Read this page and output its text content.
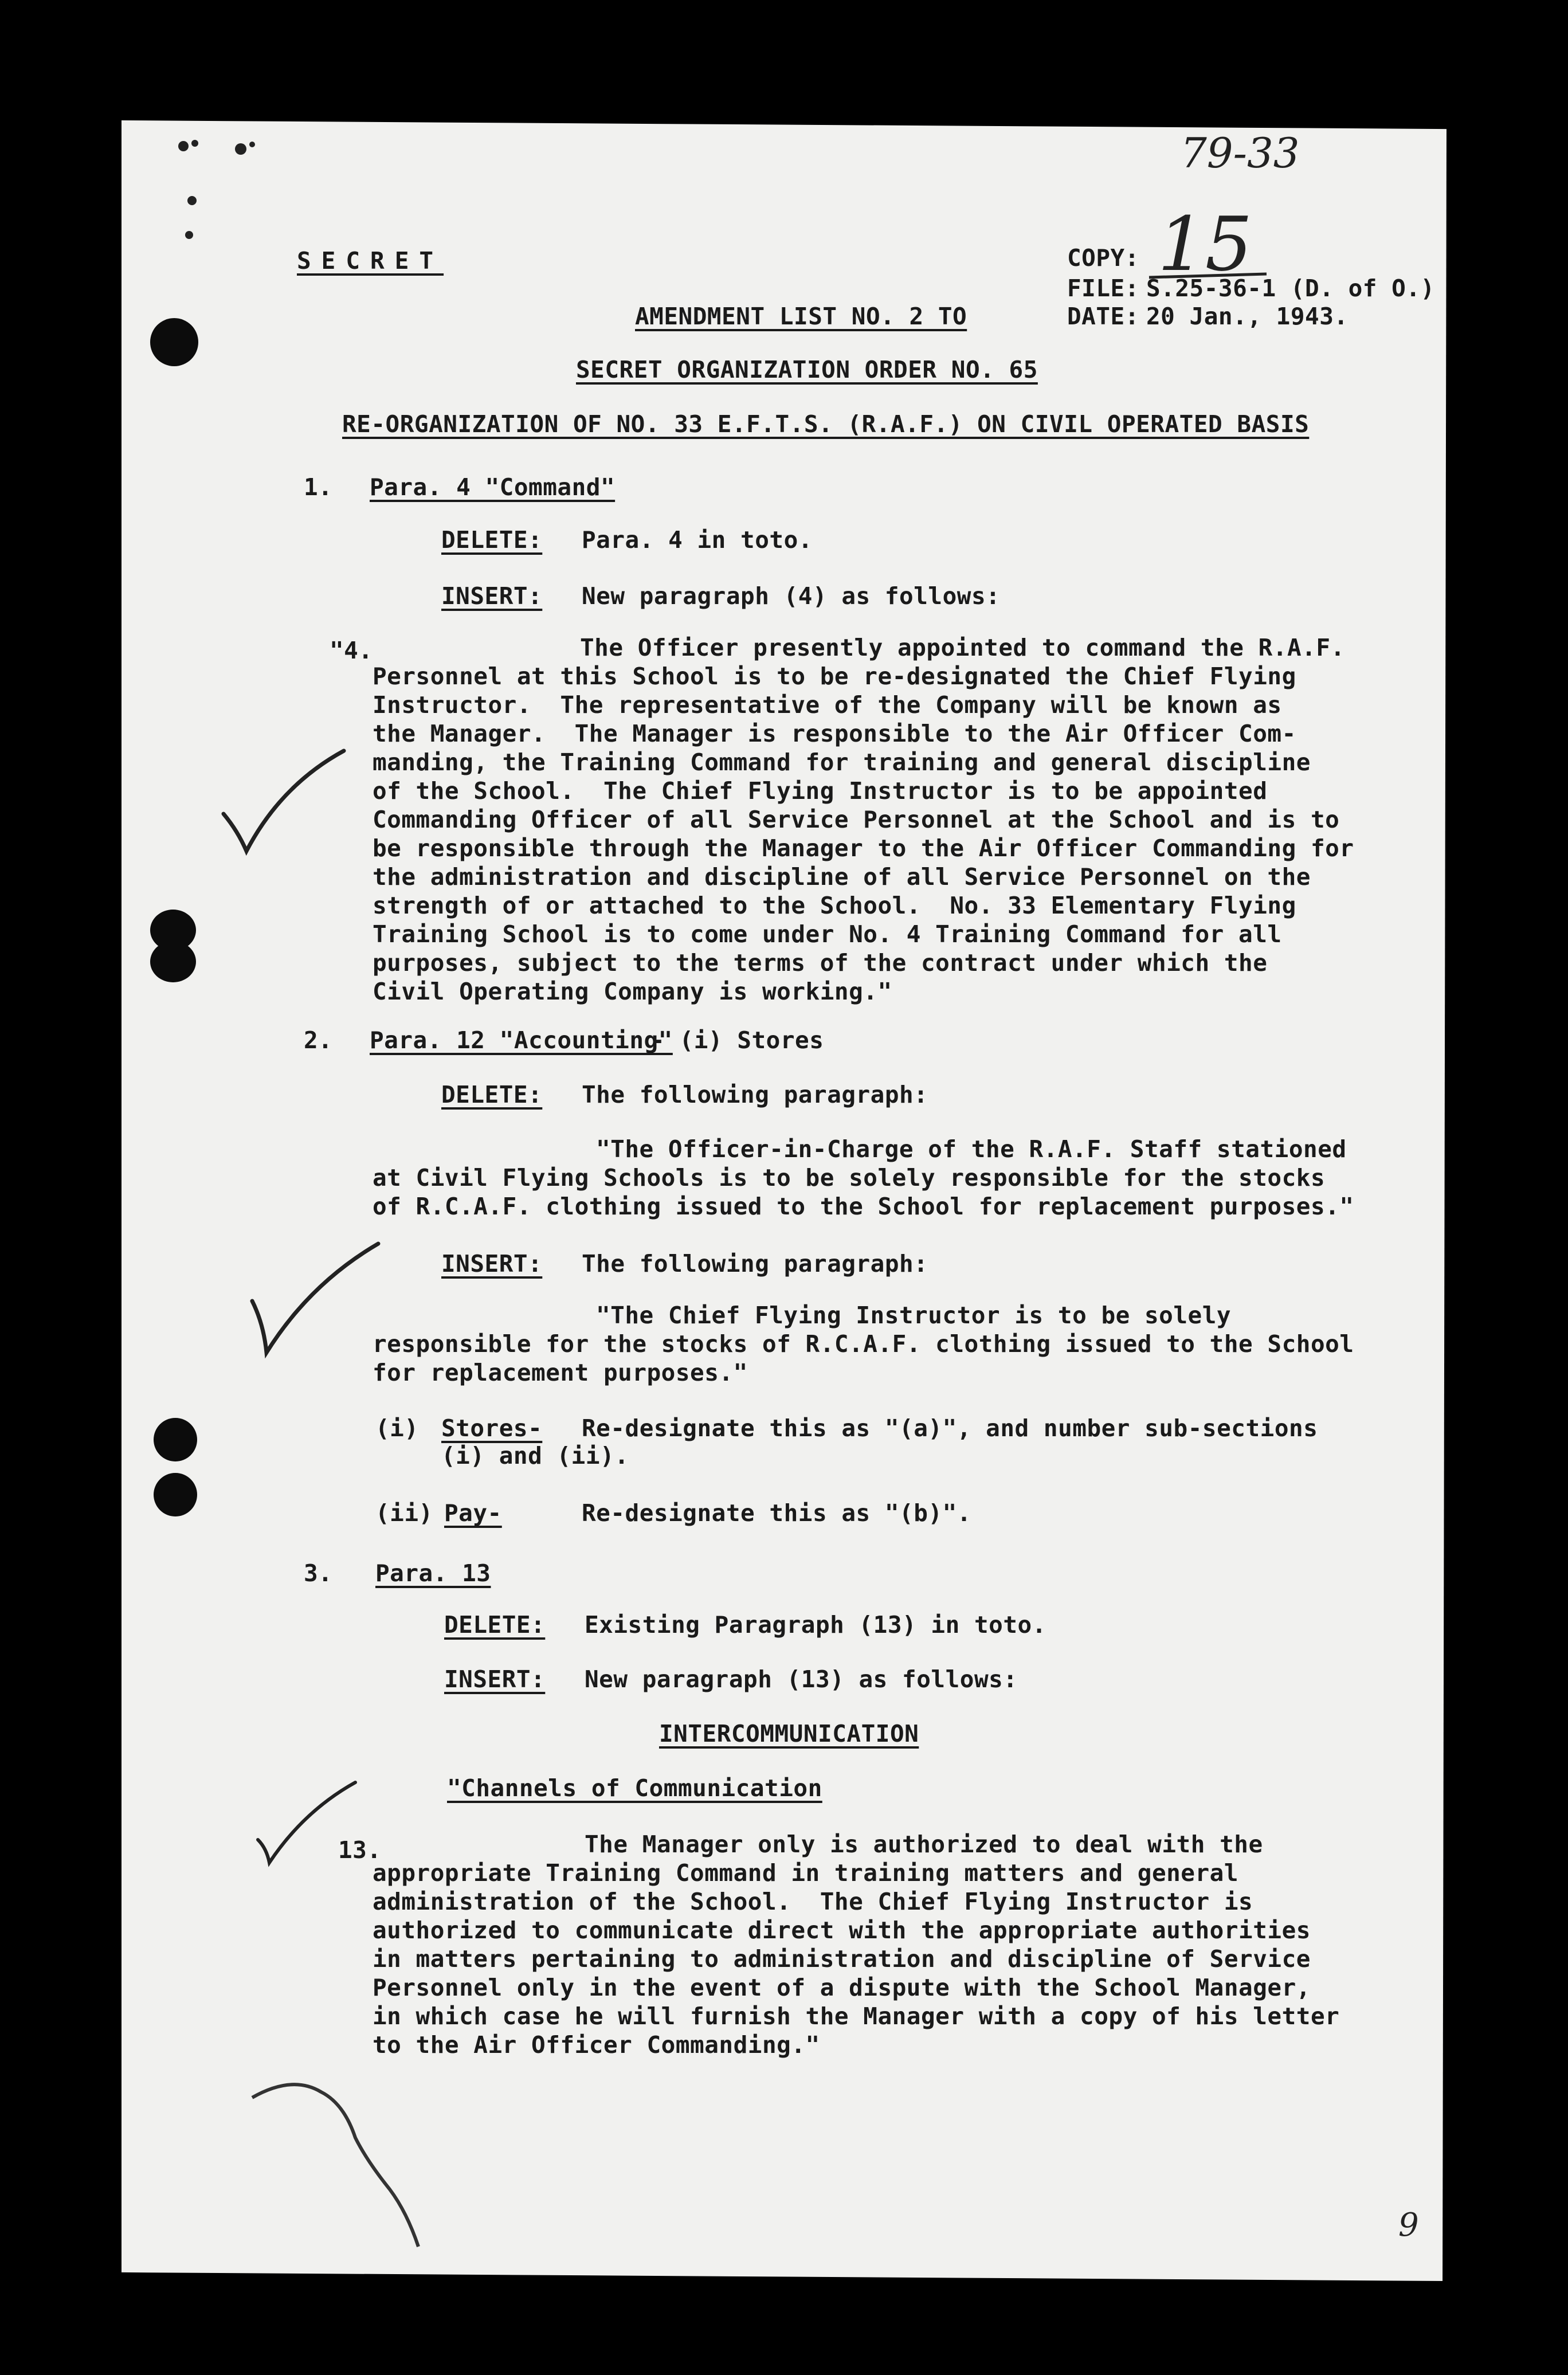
79-33
SECRET	COPY: 15
FILE: S.25-36-1 (D. of O.)
DATE: 20 Jan., 1943.
AMENDMENT LIST NO. 2 TO
SECRET ORGANIZATION ORDER NO. 65
RE-ORGANIZATION OF NO. 33 E.F.T.S. (R.A.F.) ON CIVIL OPERATED BASIS
1. Para. 4 "Command"
DELETE: Para. 4 in toto.
INSERT: New paragraph (4) as follows:
"4.	The Officer presently appointed to command the R.A.F.
Personnel at this School is to be re-designated the Chief Flying
Instructor.  The representative of the Company will be known as
the Manager.  The Manager is responsible to the Air Officer Com-
manding, the Training Command for training and general discipline
of the School.  The Chief Flying Instructor is to be appointed
Commanding Officer of all Service Personnel at the School and is to
be responsible through the Manager to the Air Officer Commanding for
the administration and discipline of all Service Personnel on the
strength of or attached to the School.  No. 33 Elementary Flying
Training School is to come under No. 4 Training Command for all
purposes, subject to the terms of the contract under which the
Civil Operating Company is working."
2. Para. 12 "Accounting"
- (i) Stores
DELETE: The following paragraph:
"The Officer-in-Charge of the R.A.F. Staff stationed
at Civil Flying Schools is to be solely responsible for the stocks
of R.C.A.F. clothing issued to the School for replacement purposes."
INSERT: The following paragraph:
"The Chief Flying Instructor is to be solely
responsible for the stocks of R.C.A.F. clothing issued to the School
for replacement purposes."
(i) Stores- Re-designate this as "(a)", and number sub-sections
(i) and (ii).
(ii) Pay-	Re-designate this as "(b)".
3. Para. 13
DELETE: Existing Paragraph (13) in toto.
INSERT: New paragraph (13) as follows:
INTERCOMMUNICATION
"Channels of Communication
13.	The Manager only is authorized to deal with the
appropriate Training Command in training matters and general
administration of the School.  The Chief Flying Instructor is
authorized to communicate direct with the appropriate authorities
in matters pertaining to administration and discipline of Service
Personnel only in the event of a dispute with the School Manager,
in which case he will furnish the Manager with a copy of his letter
to the Air Officer Commanding."
9
